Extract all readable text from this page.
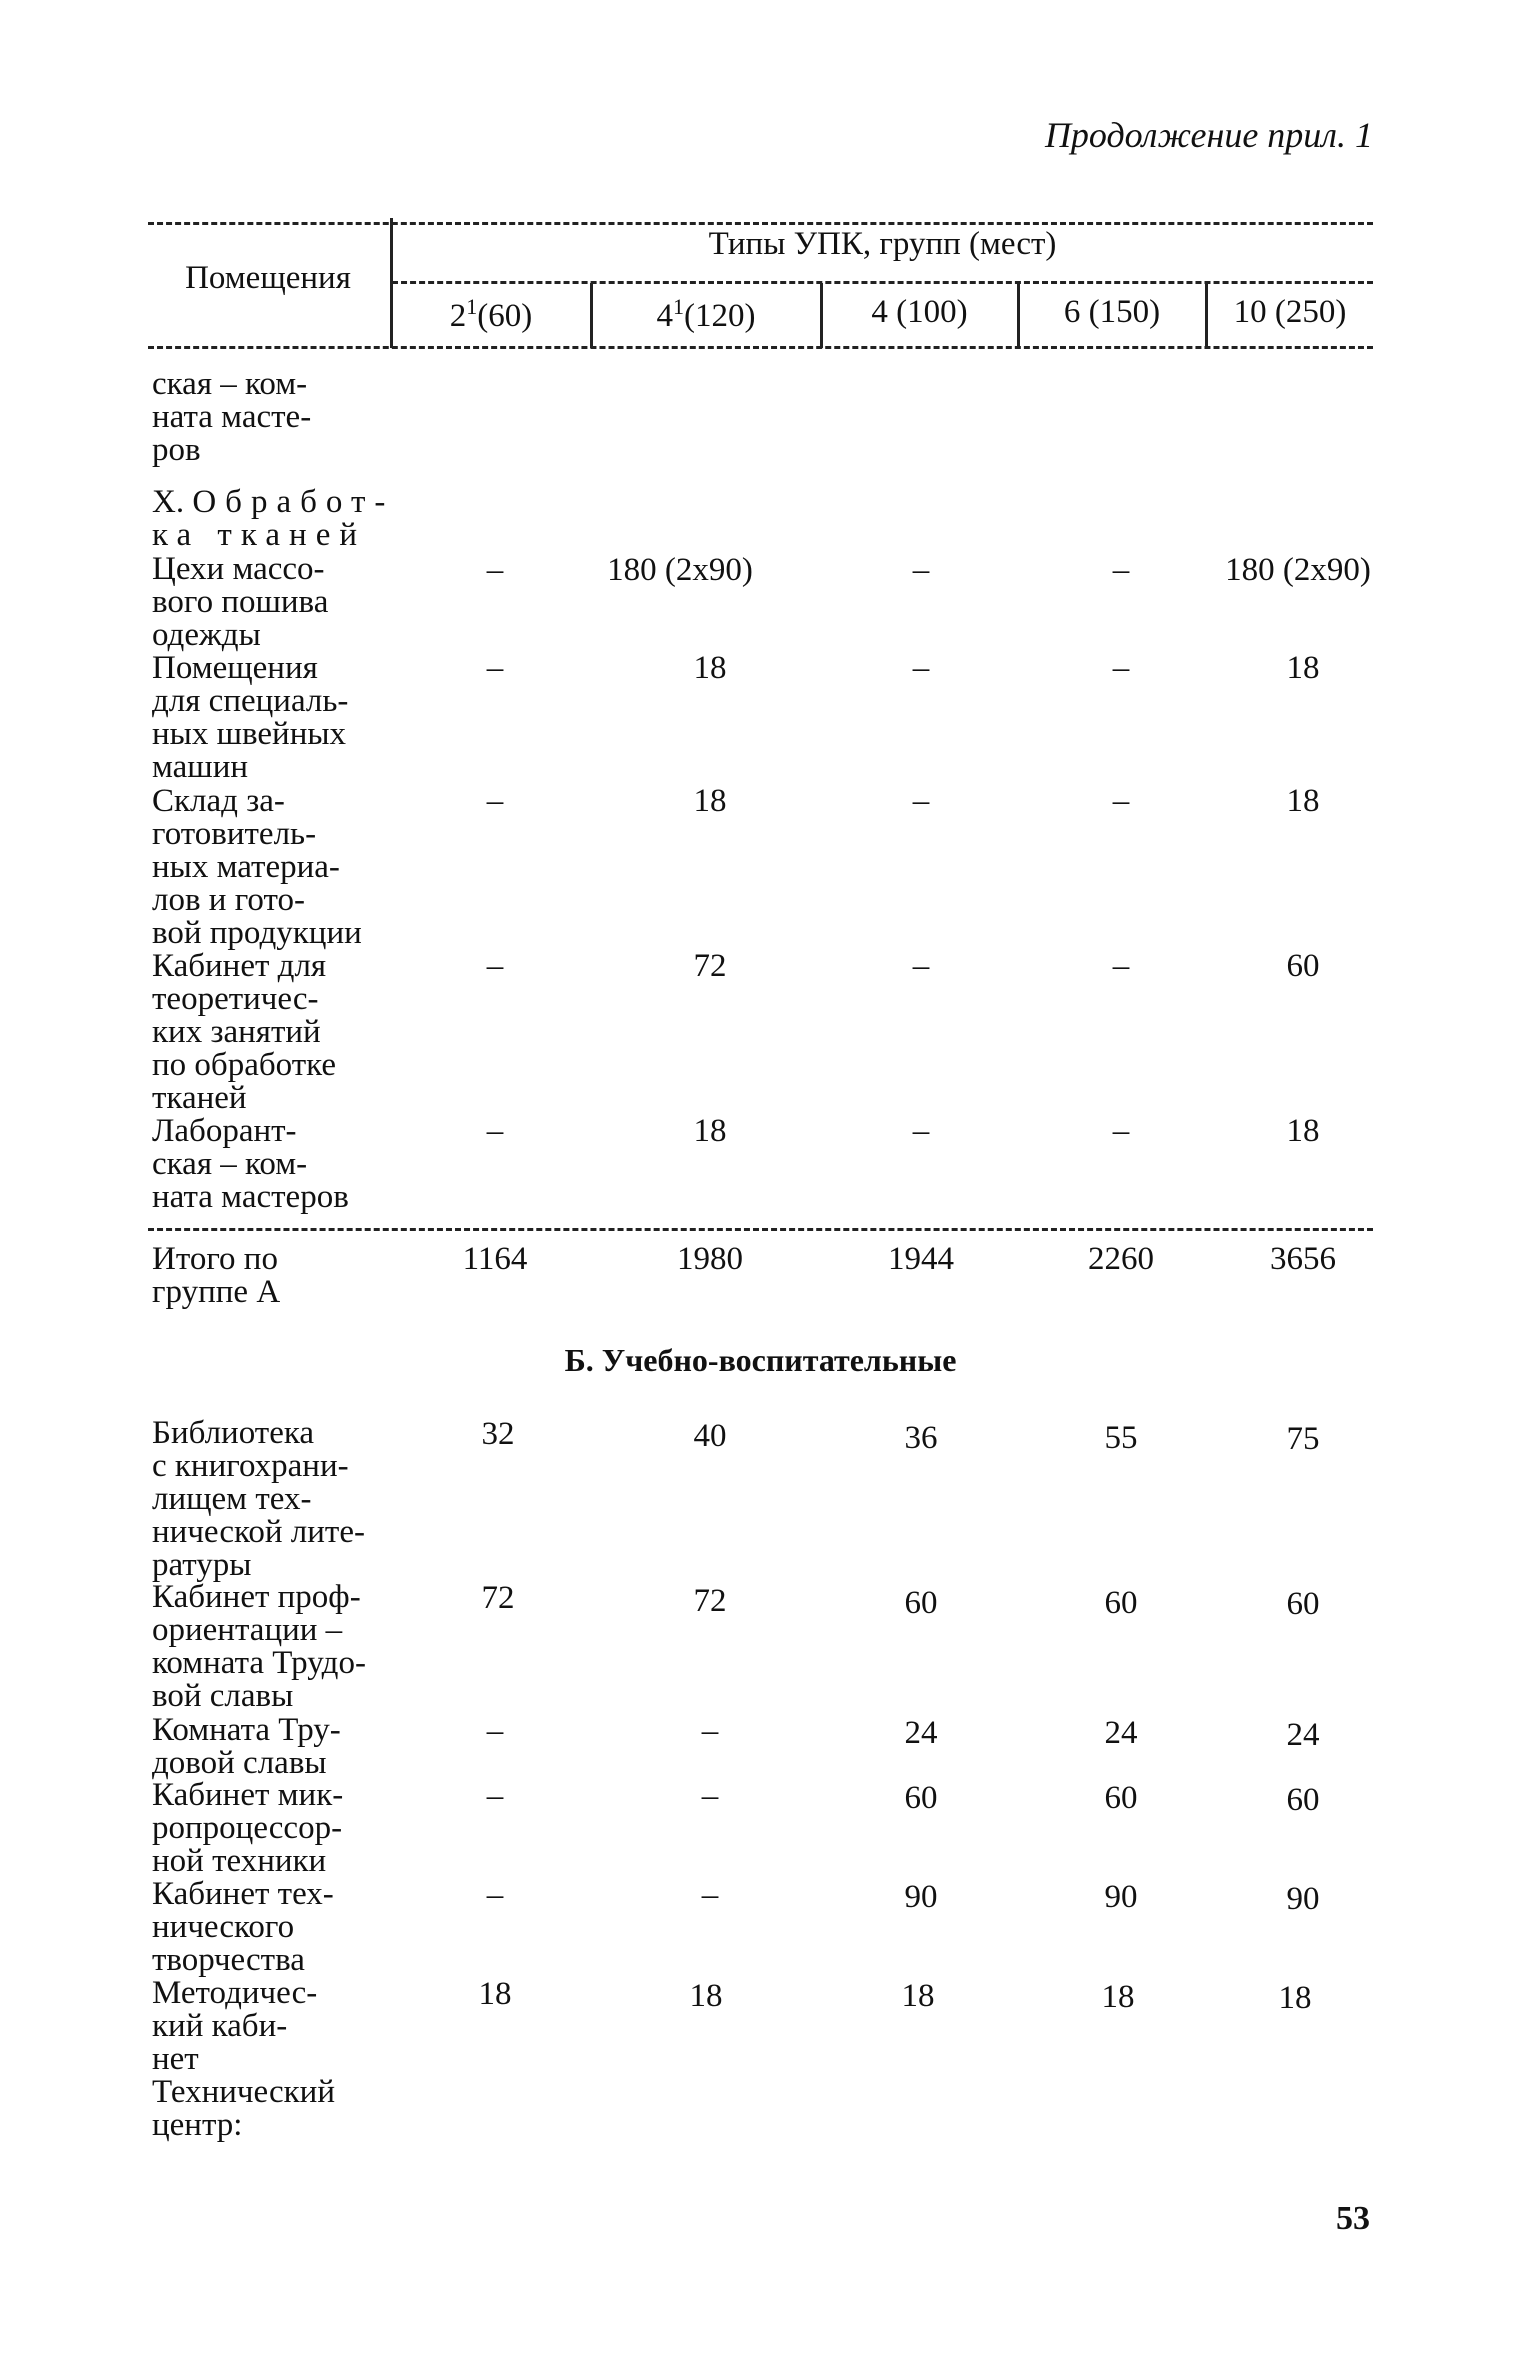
Продолжение прил. 1
Помещения
Типы УПК, групп (мест)
$2^1(60)$	$4^1(120)$	4 (100)	6 (150)	10 (250)
ская – ком-
ната масте-
ров
Х. Обработ-
ка тканей
Цехи массо-
вого пошива
одежды
–	180 (2х90)	–	–	180 (2х90)
Помещения
для специаль-
ных швейных
машин
–	18	–	–	18
Склад за-
готовитель-
ных материа-
лов и гото-
вой продукции
–	18	–	–	18
Кабинет для
теоретичес-
ких занятий
по обработке
тканей
–	72	–	–	60
Лаборант-
ская – ком-
ната мастеров
–	18	–	–	18
Итого по
группе А
1164	1980	1944	2260	3656
Б. Учебно-воспитательные
Библиотека
с книгохрани-
лищем тех-
нической лите-
ратуры
32	40	36	55	75
Кабинет проф-
ориентации –
комната Трудо-
вой славы
72	72	60	60	60
Комната Тру-
довой славы
–	–	24	24	24
Кабинет мик-
ропроцессор-
ной техники
–	–	60	60	60
Кабинет тех-
нического
творчества
–	–	90	90	90
Методичес-
кий каби-
нет
18	18	18	18	18
Технический
центр:
53
